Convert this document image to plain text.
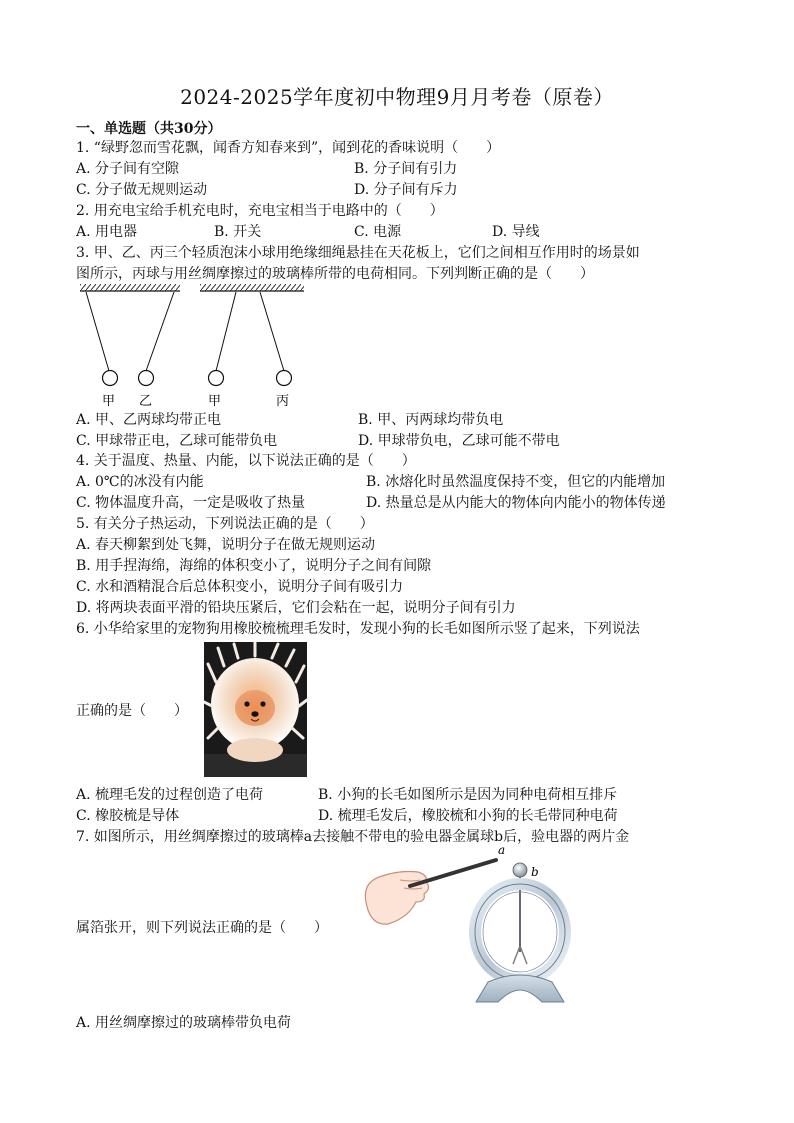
2024-2025学年度初中物理9月月考卷（原卷）
一、单选题（共30分）
1. “绿野忽而雪花飘，闻香方知春来到”，闻到花的香味说明（　　）
A. 分子间有空隙	B. 分子间有引力
C. 分子做无规则运动	D. 分子间有斥力
2. 用充电宝给手机充电时，充电宝相当于电路中的（　　）
A. 用电器	B. 开关	C. 电源	D. 导线
3. 甲、乙、丙三个轻质泡沫小球用绝缘细绳悬挂在天花板上，它们之间相互作用时的场景如
图所示，丙球与用丝绸摩擦过的玻璃棒所带的电荷相同。下列判断正确的是（　　）
甲 乙	甲	丙
A. 甲、乙两球均带正电	B. 甲、丙两球均带负电
C. 甲球带正电，乙球可能带负电	D. 甲球带负电，乙球可能不带电
4. 关于温度、热量、内能，以下说法正确的是（　　）
A. 0℃的冰没有内能	B. 冰熔化时虽然温度保持不变，但它的内能增加
C. 物体温度升高，一定是吸收了热量	D. 热量总是从内能大的物体向内能小的物体传递
5. 有关分子热运动，下列说法正确的是（　　）
A. 春天柳絮到处飞舞，说明分子在做无规则运动
B. 用手捏海绵，海绵的体积变小了，说明分子之间有间隙
C. 水和酒精混合后总体积变小，说明分子间有吸引力
D. 将两块表面平滑的铅块压紧后，它们会粘在一起，说明分子间有引力
6. 小华给家里的宠物狗用橡胶梳梳理毛发时，发现小狗的长毛如图所示竖了起来，下列说法
正确的是（　　）
A. 梳理毛发的过程创造了电荷	B. 小狗的长毛如图所示是因为同种电荷相互排斥
C. 橡胶梳是导体	D. 梳理毛发后，橡胶梳和小狗的长毛带同种电荷
7. 如图所示，用丝绸摩擦过的玻璃棒a去接触不带电的验电器金属球b后，验电器的两片金
a
b
属箔张开，则下列说法正确的是（　　）
A. 用丝绸摩擦过的玻璃棒带负电荷
